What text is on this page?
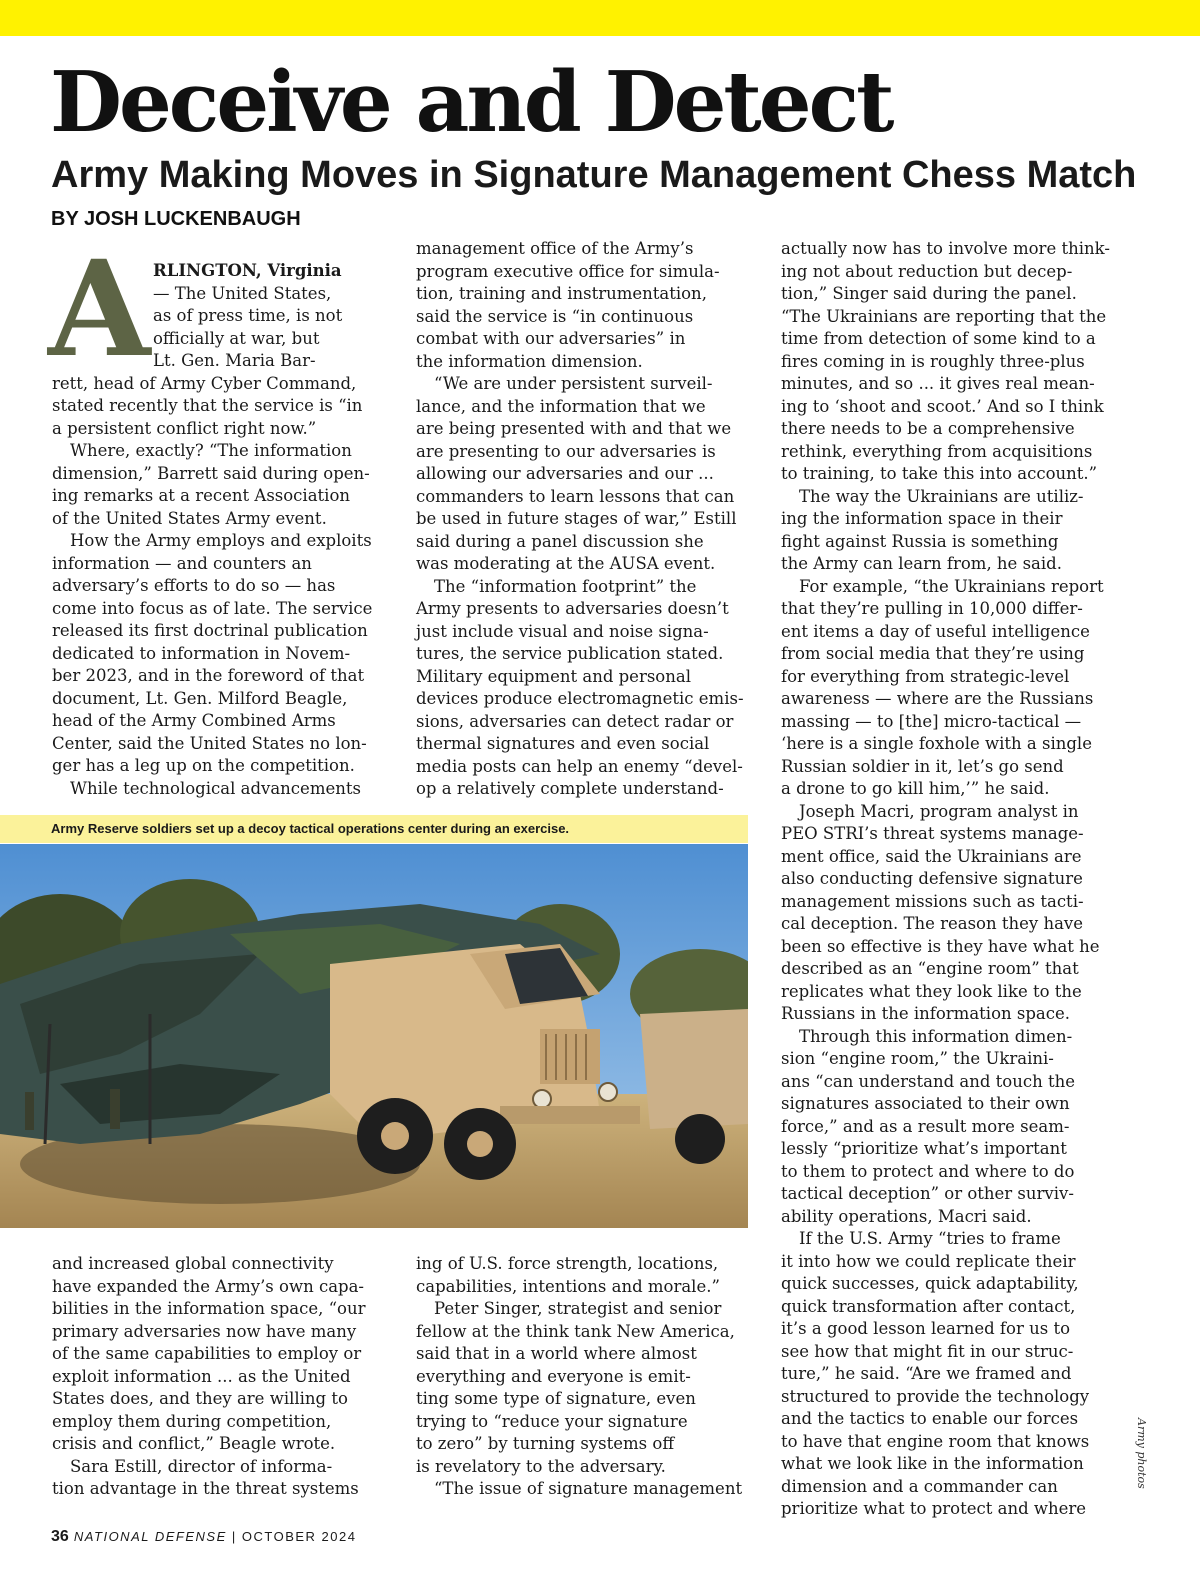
Deceive and Detect
Army Making Moves in Signature Management Chess Match
BY JOSH LUCKENBAUGH
A RLINGTON, Virginia
— The United States,
as of press time, is not
officially at war, but
Lt. Gen. Maria Bar-
rett, head of Army Cyber Command,
stated recently that the service is “in
a persistent conflict right now.”
Where, exactly? “The information
dimension,” Barrett said during open-
ing remarks at a recent Association
of the United States Army event.
How the Army employs and exploits
information — and counters an
adversary’s efforts to do so — has
come into focus as of late. The service
released its first doctrinal publication
dedicated to information in Novem-
ber 2023, and in the foreword of that
document, Lt. Gen. Milford Beagle,
head of the Army Combined Arms
Center, said the United States no lon-
ger has a leg up on the competition.
While technological advancements
management office of the Army’s
program executive office for simula-
tion, training and instrumentation,
said the service is “in continuous
combat with our adversaries” in
the information dimension.
“We are under persistent surveil-
lance, and the information that we
are being presented with and that we
are presenting to our adversaries is
allowing our adversaries and our ...
commanders to learn lessons that can
be used in future stages of war,” Estill
said during a panel discussion she
was moderating at the AUSA event.
The “information footprint” the
Army presents to adversaries doesn’t
just include visual and noise signa-
tures, the service publication stated.
Military equipment and personal
devices produce electromagnetic emis-
sions, adversaries can detect radar or
thermal signatures and even social
media posts can help an enemy “devel-
op a relatively complete understand-
actually now has to involve more think-
ing not about reduction but decep-
tion,” Singer said during the panel.
“The Ukrainians are reporting that the
time from detection of some kind to a
fires coming in is roughly three-plus
minutes, and so ... it gives real mean-
ing to ‘shoot and scoot.’ And so I think
there needs to be a comprehensive
rethink, everything from acquisitions
to training, to take this into account.”
The way the Ukrainians are utiliz-
ing the information space in their
fight against Russia is something
the Army can learn from, he said.
For example, “the Ukrainians report
that they’re pulling in 10,000 differ-
ent items a day of useful intelligence
from social media that they’re using
for everything from strategic-level
awareness — where are the Russians
massing — to [the] micro-tactical —
‘here is a single foxhole with a single
Russian soldier in it, let’s go send
a drone to go kill him,’” he said.
Joseph Macri, program analyst in
PEO STRI’s threat systems manage-
ment office, said the Ukrainians are
also conducting defensive signature
management missions such as tacti-
cal deception. The reason they have
been so effective is they have what he
described as an “engine room” that
replicates what they look like to the
Russians in the information space.
Through this information dimen-
sion “engine room,” the Ukraini-
ans “can understand and touch the
signatures associated to their own
force,” and as a result more seam-
lessly “prioritize what’s important
to them to protect and where to do
tactical deception” or other surviv-
ability operations, Macri said.
If the U.S. Army “tries to frame
it into how we could replicate their
quick successes, quick adaptability,
quick transformation after contact,
it’s a good lesson learned for us to
see how that might fit in our struc-
ture,” he said. “Are we framed and
structured to provide the technology
and the tactics to enable our forces
to have that engine room that knows
what we look like in the information
dimension and a commander can
prioritize what to protect and where
and increased global connectivity
have expanded the Army’s own capa-
bilities in the information space, “our
primary adversaries now have many
of the same capabilities to employ or
exploit information ... as the United
States does, and they are willing to
employ them during competition,
crisis and conflict,” Beagle wrote.
Sara Estill, director of informa-
tion advantage in the threat systems
ing of U.S. force strength, locations,
capabilities, intentions and morale.”
Peter Singer, strategist and senior
fellow at the think tank New America,
said that in a world where almost
everything and everyone is emit-
ting some type of signature, even
trying to “reduce your signature
to zero” by turning systems off
is revelatory to the adversary.
“The issue of signature management
Army Reserve soldiers set up a decoy tactical operations center during an exercise.
Army photos
36 NATIONAL DEFENSE | OCTOBER 2024
